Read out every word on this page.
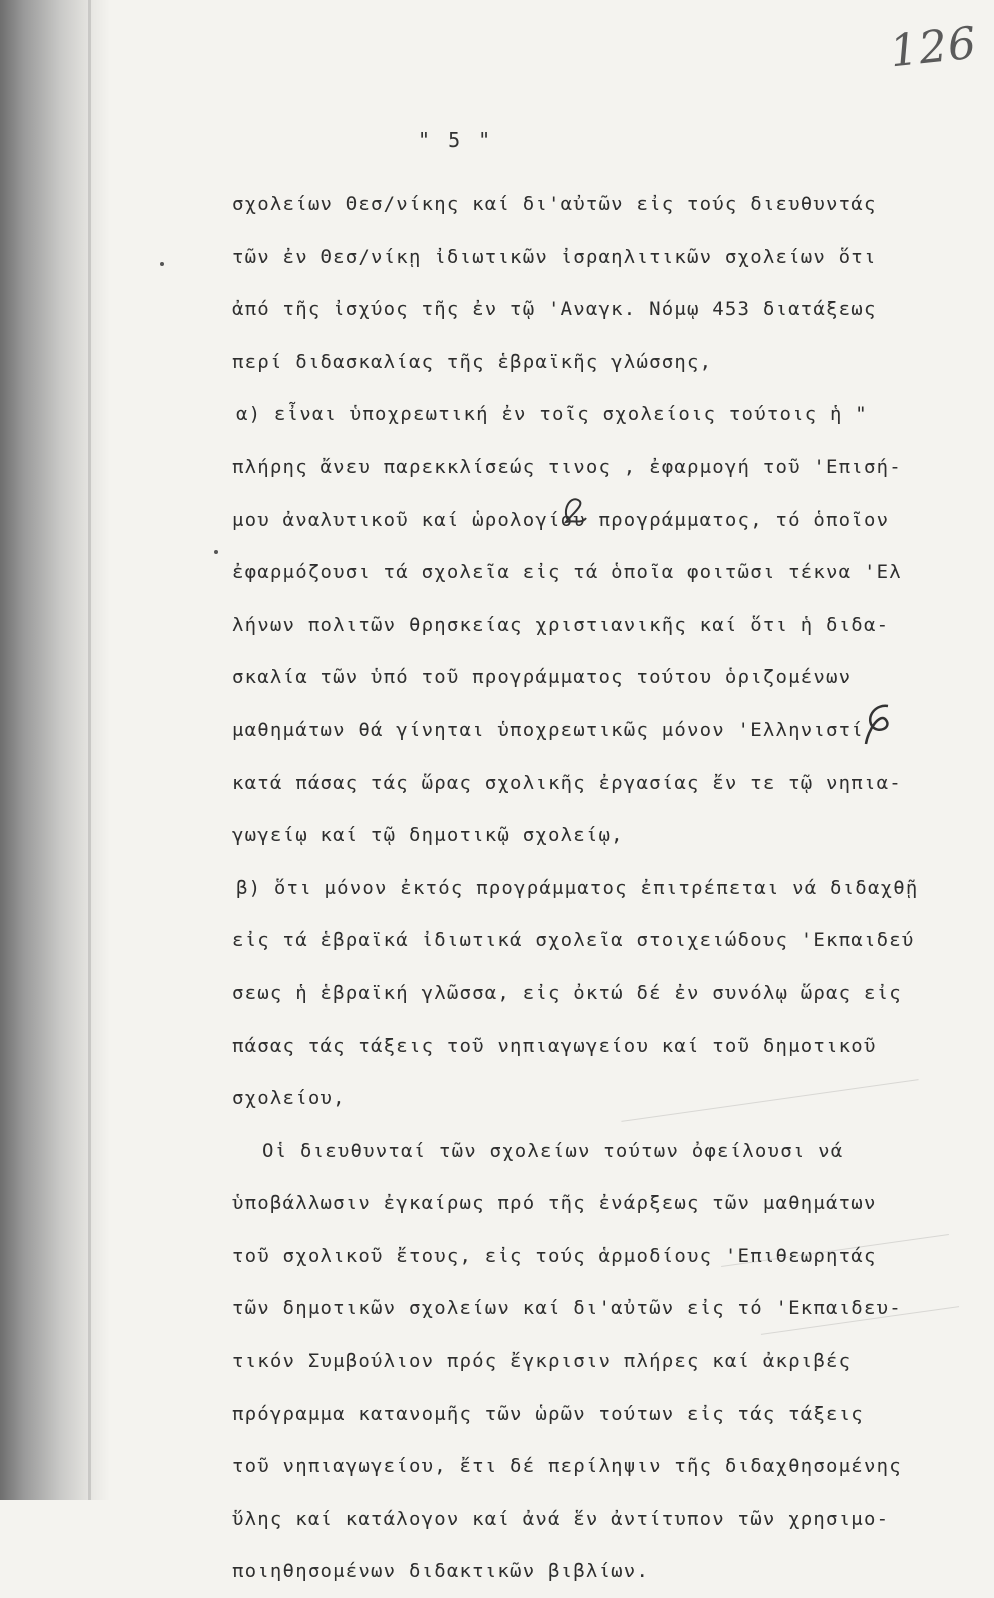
126
" 5 "
σχολείων Θεσ/νίκης καί δι'αὐτῶν εἰς τούς διευθυντάς
τῶν ἐν Θεσ/νίκῃ ἰδιωτικῶν ἰσραηλιτικῶν σχολείων ὅτι
ἀπό τῆς ἰσχύος τῆς ἐν τῷ 'Αναγκ. Νόμῳ 453 διατάξεως
περί διδασκαλίας τῆς ἑβραϊκῆς γλώσσης,
α) εἶναι ὑποχρεωτική ἐν τοῖς σχολείοις τούτοις ἡ "
πλήρης ἄνευ παρεκκλίσεώς τινος , ἐφαρμογή τοῦ 'Επισή-
μου ἀναλυτικοῦ καί ὡρολογίου προγράμματος, τό ὁποῖον
ἐφαρμόζουσι τά σχολεῖα εἰς τά ὁποῖα φοιτῶσι τέκνα 'Ελ
λήνων πολιτῶν θρησκείας χριστιανικῆς καί ὅτι ἡ διδα-
σκαλία τῶν ὑπό τοῦ προγράμματος τούτου ὁριζομένων
μαθημάτων θά γίνηται ὑποχρεωτικῶς μόνον 'Ελληνιστί
κατά πάσας τάς ὥρας σχολικῆς ἐργασίας ἔν τε τῷ νηπια-
γωγείῳ καί τῷ δημοτικῷ σχολείῳ,
β) ὅτι μόνον ἐκτός προγράμματος ἐπιτρέπεται νά διδαχθῇ
εἰς τά ἑβραϊκά ἰδιωτικά σχολεῖα στοιχειώδους 'Εκπαιδεύ
σεως ἡ ἑβραϊκή γλῶσσα, εἰς ὀκτώ δέ ἐν συνόλῳ ὥρας εἰς
πάσας τάς τάξεις τοῦ νηπιαγωγείου καί τοῦ δημοτικοῦ
σχολείου,
Οἱ διευθυνταί τῶν σχολείων τούτων ὀφείλουσι νά
ὑποβάλλωσιν ἐγκαίρως πρό τῆς ἐνάρξεως τῶν μαθημάτων
τοῦ σχολικοῦ ἔτους, εἰς τούς ἁρμοδίους 'Επιθεωρητάς
τῶν δημοτικῶν σχολείων καί δι'αὐτῶν εἰς τό 'Εκπαιδευ-
τικόν Συμβούλιον πρός ἔγκρισιν πλήρες καί ἀκριβές
πρόγραμμα κατανομῆς τῶν ὡρῶν τούτων εἰς τάς τάξεις
τοῦ νηπιαγωγείου, ἔτι δέ περίληψιν τῆς διδαχθησομένης
ὕλης καί κατάλογον καί ἀνά ἕν ἀντίτυπον τῶν χρησιμο-
ποιηθησομένων διδακτικῶν βιβλίων.
